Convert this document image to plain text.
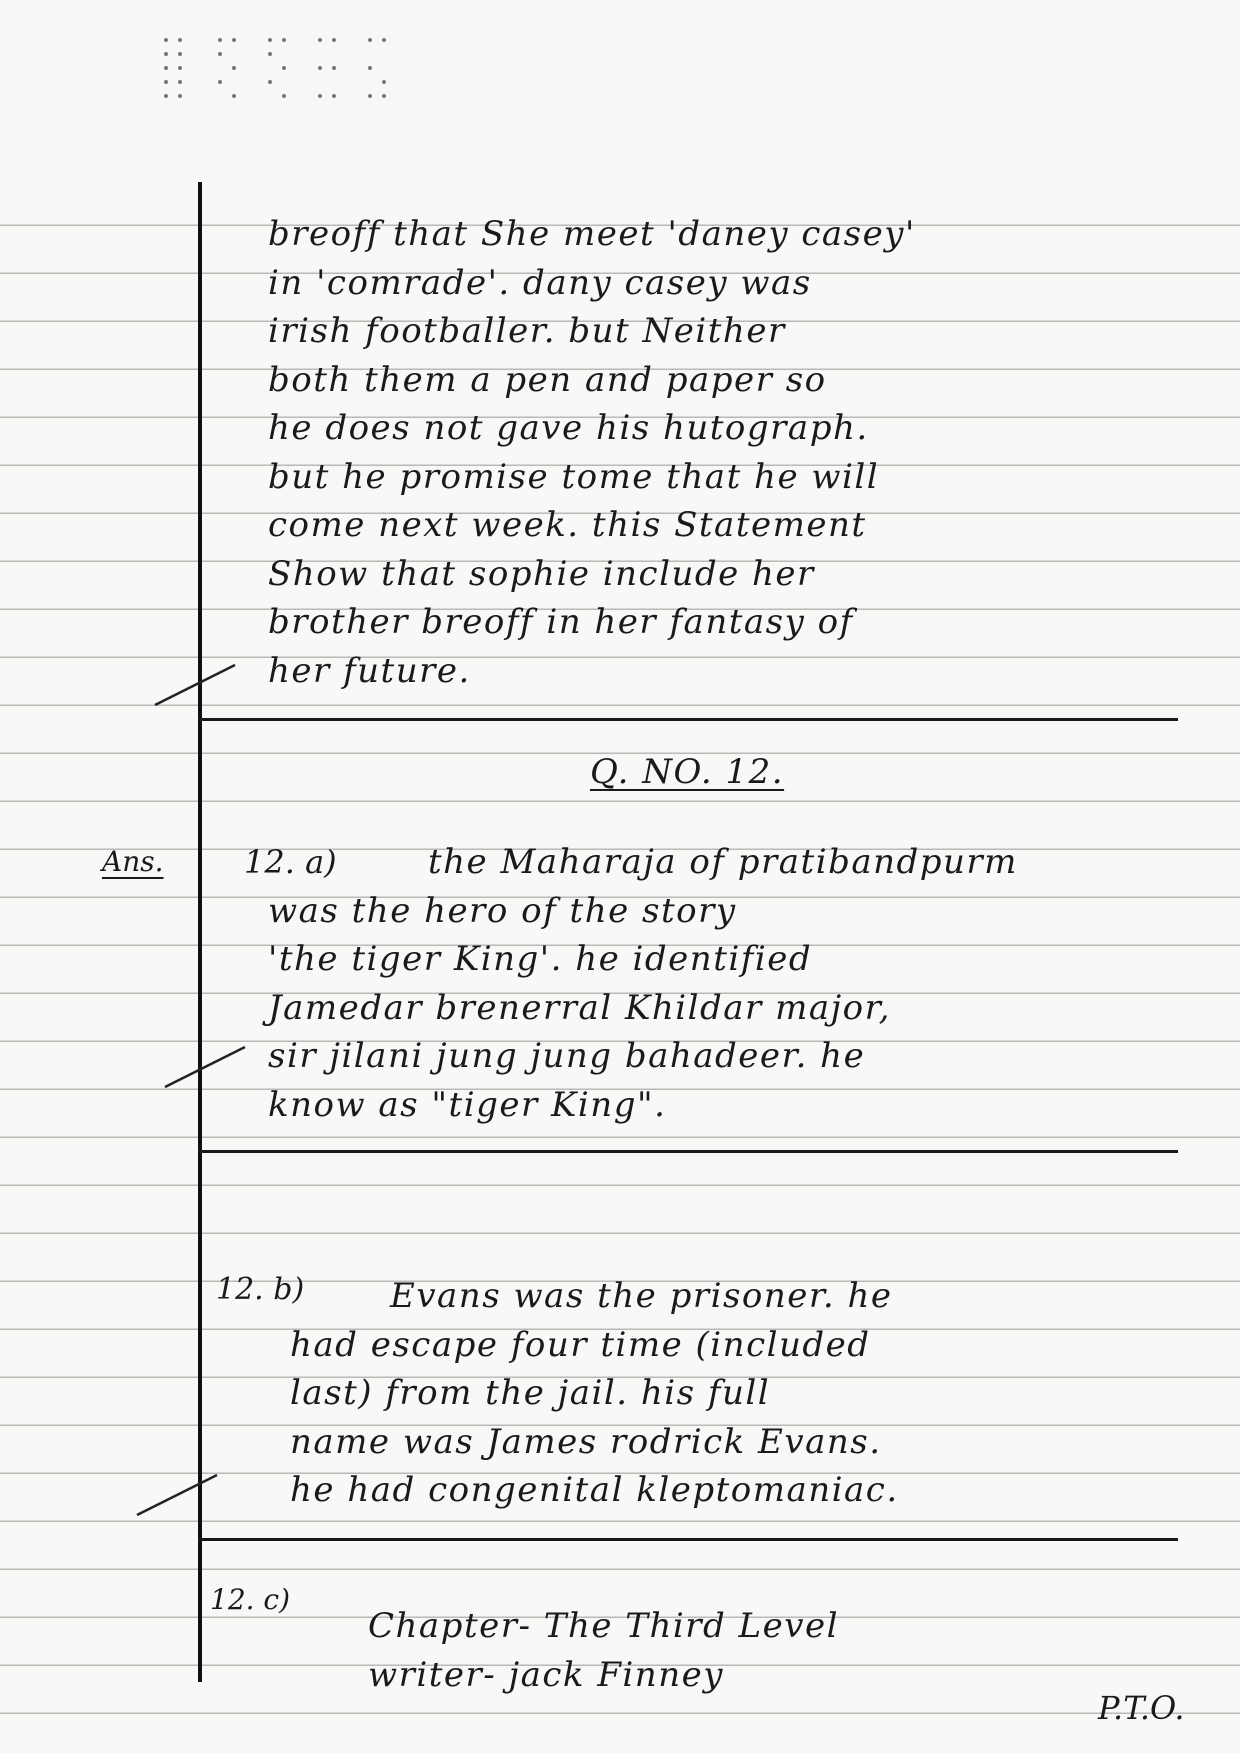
breoff that She meet 'daney casey'
in 'comrade'. dany casey was
irish footballer. but Neither
both them a pen and paper so
he does not gave his hutograph.
but he promise tome that he will
come next week. this Statement
Show that sophie include her
brother breoff in her fantasy of
her future.
Q. NO. 12.
Ans.	12. a)	the Maharaja of pratibandpurm
was the hero of the story
'the tiger King'. he identified
Jamedar brenerral Khildar major,
sir jilani jung jung bahadeer. he
know as "tiger King".
12. b)	Evans was the prisoner. he
had escape four time (included
last) from the jail. his full
name was James rodrick Evans.
he had congenital kleptomaniac.
12. c)
Chapter- The Third Level
writer- jack Finney
P.T.O.
